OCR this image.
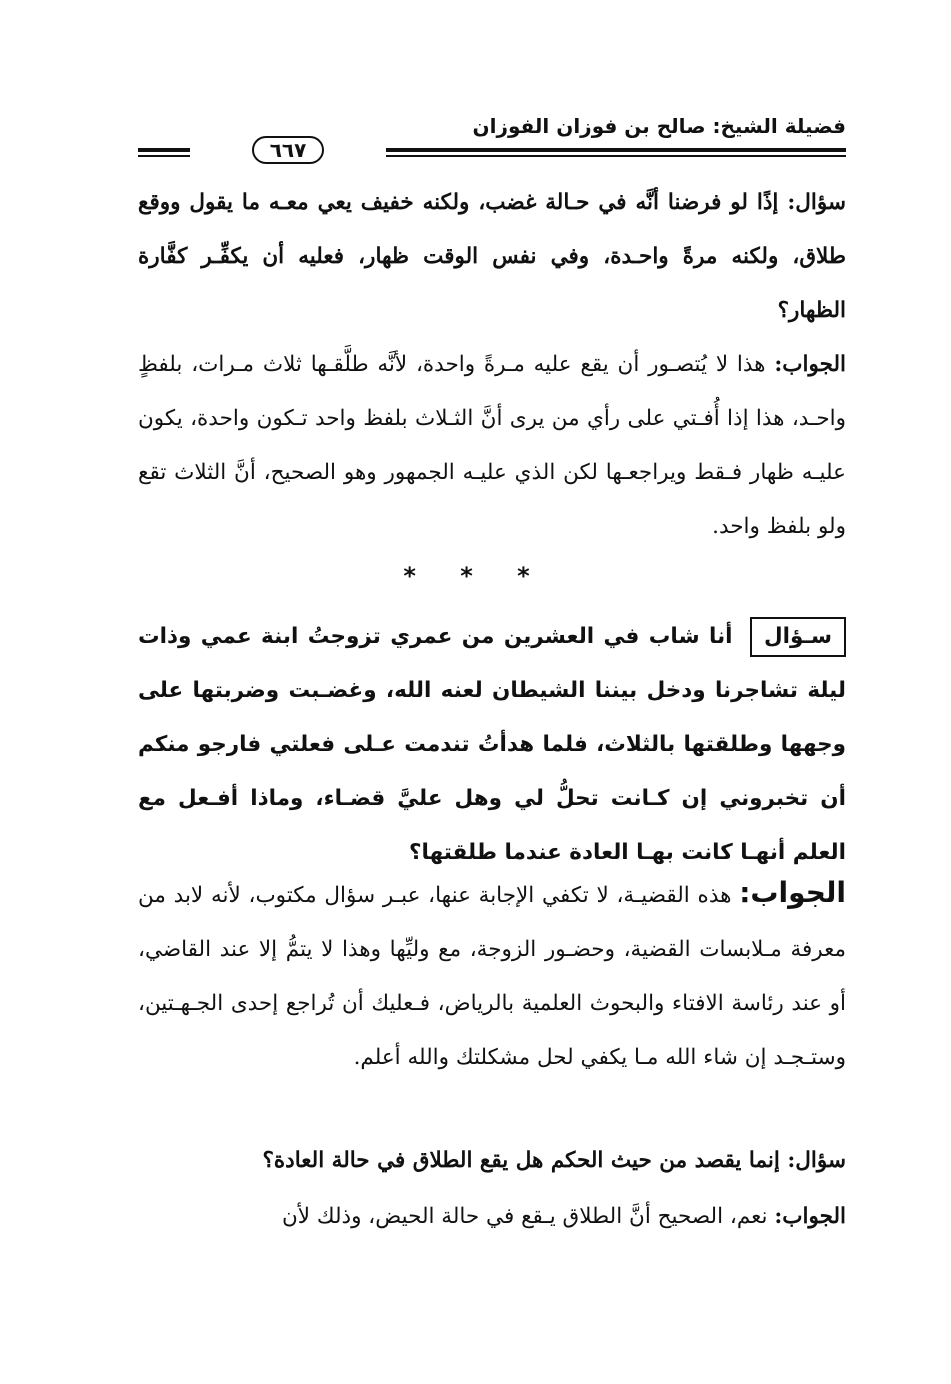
فضيلة الشيخ: صالح بن فوزان الفوزان
٦٦٧
سؤال: إذًا لو فرضنا أنَّه في حـالة غضب، ولكنه خفيف يعي معـه ما يقول ووقع طلاق، ولكنه مرةً واحـدة، وفي نفس الوقت ظهار، فعليه أن يكفِّـر كفَّارة الظهار؟
الجواب: هذا لا يُتصـور أن يقع عليه مـرةً واحدة، لأنَّه طلَّقـها ثلاث مـرات، بلفظٍ واحـد، هذا إذا أُفـتي على رأي من يرى أنَّ الثـلاث بلفظ واحد تـكون واحدة، يكون عليـه ظهار فـقط ويراجعـها لكن الذي عليـه الجمهور وهو الصحيح، أنَّ الثلاث تقع ولو بلفظ واحد.
* * *
سـؤال أنا شاب في العشرين من عمري تزوجتُ ابنة عمي وذات ليلة تشاجرنا ودخل بيننا الشيطان لعنه الله، وغضـبت وضربتها على وجهها وطلقتها بالثلاث، فلما هدأتُ تندمت عـلى فعلتي فارجو منكم أن تخبروني إن كـانت تحلُّ لي وهل عليَّ قضـاء، وماذا أفـعل مع العلم أنهـا كانت بهـا العادة عندما طلقتها؟
الجواب: هذه القضيـة، لا تكفي الإجابة عنها، عبـر سؤال مكتوب، لأنه لابد من معرفة مـلابسات القضية، وحضـور الزوجة، مع وليِّها وهذا لا يتمُّ إلا عند القاضي، أو عند رئاسة الافتاء والبحوث العلمية بالرياض، فـعليك أن تُراجع إحدى الجـهـتين، وستـجـد إن شاء الله مـا يكفي لحل مشكلتك والله أعلم.
سؤال: إنما يقصد من حيث الحكم هل يقع الطلاق في حالة العادة؟
الجواب: نعم، الصحيح أنَّ الطلاق يـقع في حالة الحيض، وذلك لأن
